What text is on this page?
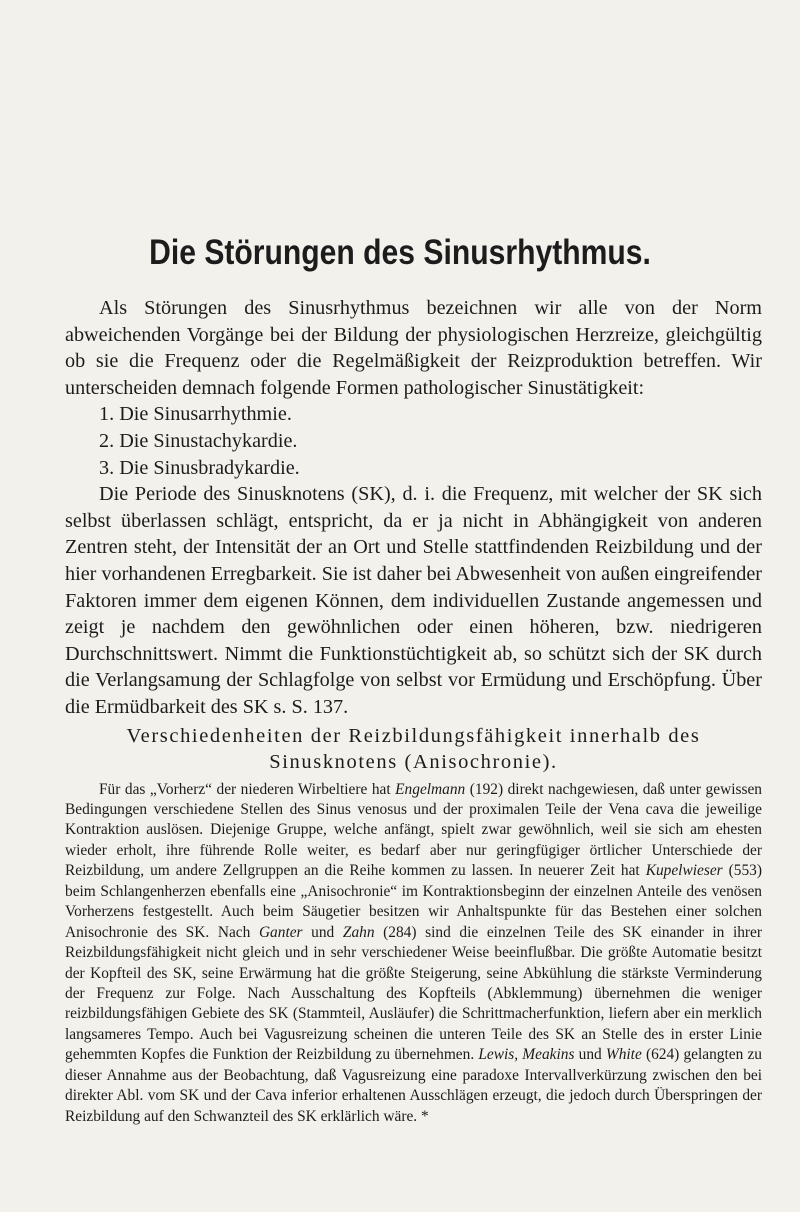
Die Störungen des Sinusrhythmus.

Als Störungen des Sinusrhythmus bezeichnen wir alle von der Norm abweichenden Vorgänge bei der Bildung der physiologischen Herzreize, gleichgültig ob sie die Frequenz oder die Regelmäßigkeit der Reizproduktion betreffen. Wir unterscheiden demnach folgende Formen pathologischer Sinustätigkeit:

1. Die Sinusarrhythmie.
2. Die Sinustachykardie.
3. Die Sinusbradykardie.

Die Periode des Sinusknotens (SK), d. i. die Frequenz, mit welcher der SK sich selbst überlassen schlägt, entspricht, da er ja nicht in Abhängigkeit von anderen Zentren steht, der Intensität der an Ort und Stelle stattfindenden Reizbildung und der hier vorhandenen Erregbarkeit. Sie ist daher bei Abwesenheit von außen eingreifender Faktoren immer dem eigenen Können, dem individuellen Zustande angemessen und zeigt je nachdem den gewöhnlichen oder einen höheren, bzw. niedrigeren Durchschnittswert. Nimmt die Funktionstüchtigkeit ab, so schützt sich der SK durch die Verlangsamung der Schlagfolge von selbst vor Ermüdung und Erschöpfung. Über die Ermüdbarkeit des SK s. S. 137.

Verschiedenheiten der Reizbildungsfähigkeit innerhalb des Sinusknotens (Anisochronie).

Für das „Vorherz“ der niederen Wirbeltiere hat Engelmann (192) direkt nachgewiesen, daß unter gewissen Bedingungen verschiedene Stellen des Sinus venosus und der proximalen Teile der Vena cava die jeweilige Kontraktion auslösen. Diejenige Gruppe, welche anfängt, spielt zwar gewöhnlich, weil sie sich am ehesten wieder erholt, ihre führende Rolle weiter, es bedarf aber nur geringfügiger örtlicher Unterschiede der Reizbildung, um andere Zellgruppen an die Reihe kommen zu lassen. In neuerer Zeit hat Kupelwieser (553) beim Schlangenherzen ebenfalls eine „Anisochronie“ im Kontraktionsbeginn der einzelnen Anteile des venösen Vorherzens festgestellt. Auch beim Säugetier besitzen wir Anhaltspunkte für das Bestehen einer solchen Anisochronie des SK. Nach Ganter und Zahn (284) sind die einzelnen Teile des SK einander in ihrer Reizbildungsfähigkeit nicht gleich und in sehr verschiedener Weise beeinflußbar. Die größte Automatie besitzt der Kopfteil des SK, seine Erwärmung hat die größte Steigerung, seine Abkühlung die stärkste Verminderung der Frequenz zur Folge. Nach Ausschaltung des Kopfteils (Abklemmung) übernehmen die weniger reizbildungsfähigen Gebiete des SK (Stammteil, Ausläufer) die Schrittmacherfunktion, liefern aber ein merklich langsameres Tempo. Auch bei Vagusreizung scheinen die unteren Teile des SK an Stelle des in erster Linie gehemmten Kopfes die Funktion der Reizbildung zu übernehmen. Lewis, Meakins und White (624) gelangten zu dieser Annahme aus der Beobachtung, daß Vagusreizung eine paradoxe Intervallverkürzung zwischen den bei direkter Abl. vom SK und der Cava inferior erhaltenen Ausschlägen erzeugt, die jedoch durch Überspringen der Reizbildung auf den Schwanzteil des SK erklärlich wäre. *
